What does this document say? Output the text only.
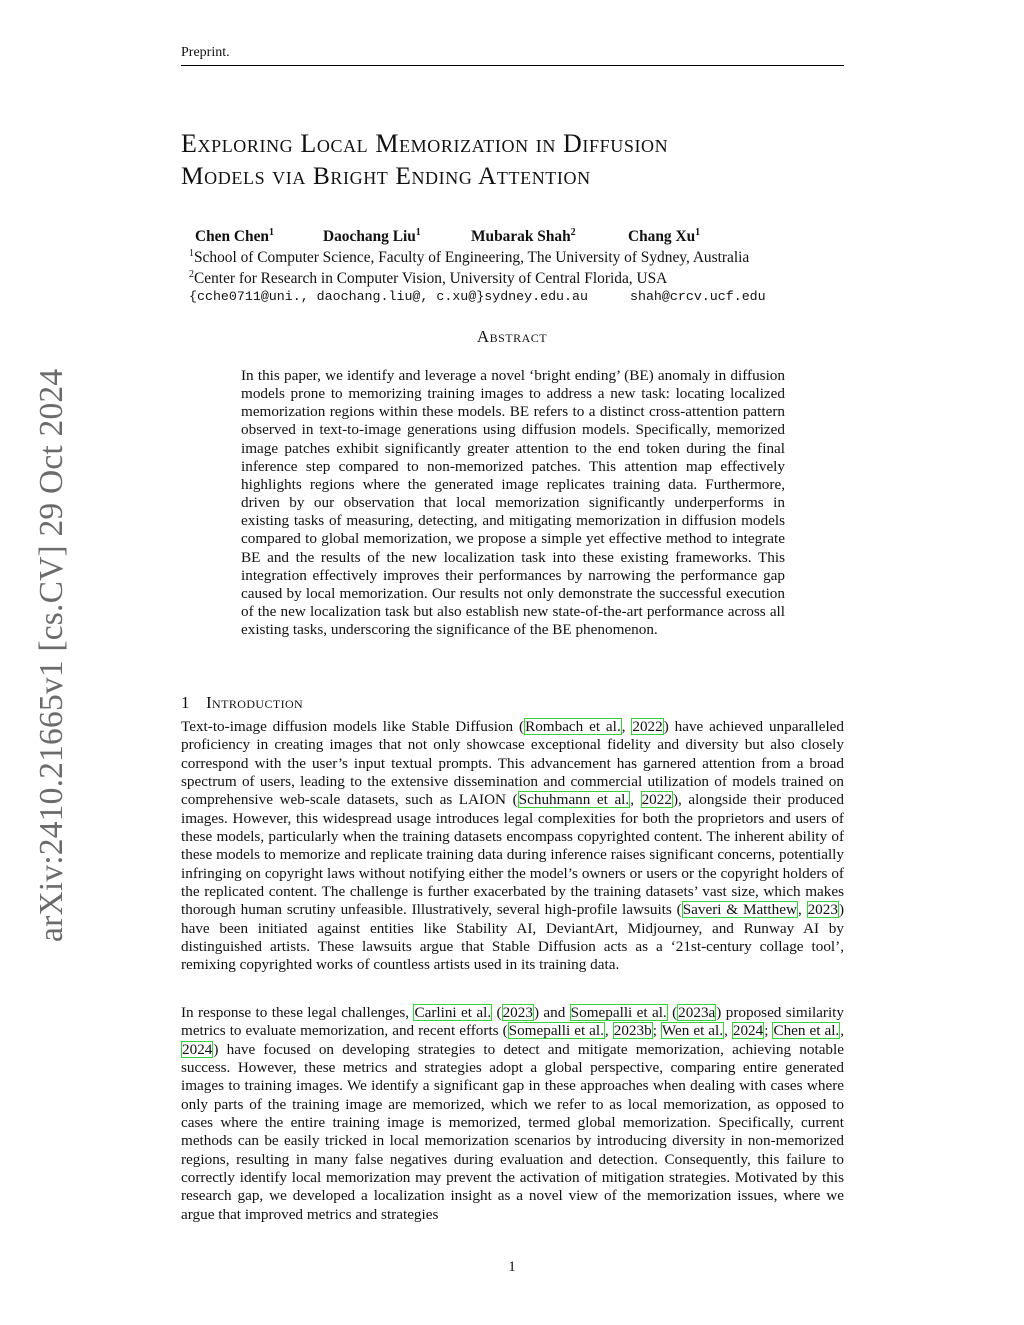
Preprint.
arXiv:2410.21665v1 [cs.CV] 29 Oct 2024
Exploring Local Memorization in Diffusion
Models via Bright Ending Attention
Chen Chen$^1$	Daochang Liu$^1$	Mubarak Shah$^2$	Chang Xu$^1$
$^1$School of Computer Science, Faculty of Engineering, The University of Sydney, Australia
$^2$Center for Research in Computer Vision, University of Central Florida, USA
{cche0711@uni., daochang.liu@, c.xu@}sydney.edu.au	shah@crcv.ucf.edu
Abstract
In this paper, we identify and leverage a novel ‘bright ending’ (BE) anomaly in diffusion models prone to memorizing training images to address a new task: locating localized memorization regions within these models. BE refers to a distinct cross-attention pattern observed in text-to-image generations using diffusion models. Specifically, memorized image patches exhibit significantly greater attention to the end token during the final inference step compared to non-memorized patches. This attention map effectively highlights regions where the generated image replicates training data. Furthermore, driven by our observation that local memorization significantly underperforms in existing tasks of measuring, detecting, and mitigating memorization in diffusion models compared to global memorization, we propose a simple yet effective method to integrate BE and the results of the new localization task into these existing frameworks. This integration effectively improves their performances by narrowing the performance gap caused by local memorization. Our results not only demonstrate the successful execution of the new localization task but also establish new state-of-the-art performance across all existing tasks, underscoring the significance of the BE phenomenon.
1 Introduction
Text-to-image diffusion models like Stable Diffusion (Rombach et al., 2022) have achieved unparalleled proficiency in creating images that not only showcase exceptional fidelity and diversity but also closely correspond with the user’s input textual prompts. This advancement has garnered attention from a broad spectrum of users, leading to the extensive dissemination and commercial utilization of models trained on comprehensive web-scale datasets, such as LAION (Schuhmann et al., 2022), alongside their produced images. However, this widespread usage introduces legal complexities for both the proprietors and users of these models, particularly when the training datasets encompass copyrighted content. The inherent ability of these models to memorize and replicate training data during inference raises significant concerns, potentially infringing on copyright laws without notifying either the model’s owners or users or the copyright holders of the replicated content. The challenge is further exacerbated by the training datasets’ vast size, which makes thorough human scrutiny unfeasible. Illustratively, several high-profile lawsuits (Saveri & Matthew, 2023) have been initiated against entities like Stability AI, DeviantArt, Midjourney, and Runway AI by distinguished artists. These lawsuits argue that Stable Diffusion acts as a ‘21st-century collage tool’, remixing copyrighted works of countless artists used in its training data.
In response to these legal challenges, Carlini et al. (2023) and Somepalli et al. (2023a) proposed similarity metrics to evaluate memorization, and recent efforts (Somepalli et al., 2023b; Wen et al., 2024; Chen et al., 2024) have focused on developing strategies to detect and mitigate memorization, achieving notable success. However, these metrics and strategies adopt a global perspective, comparing entire generated images to training images. We identify a significant gap in these approaches when dealing with cases where only parts of the training image are memorized, which we refer to as local memorization, as opposed to cases where the entire training image is memorized, termed global memorization. Specifically, current methods can be easily tricked in local memorization scenarios by introducing diversity in non-memorized regions, resulting in many false negatives during evaluation and detection. Consequently, this failure to correctly identify local memorization may prevent the activation of mitigation strategies. Motivated by this research gap, we developed a localization insight as a novel view of the memorization issues, where we argue that improved metrics and strategies
1
